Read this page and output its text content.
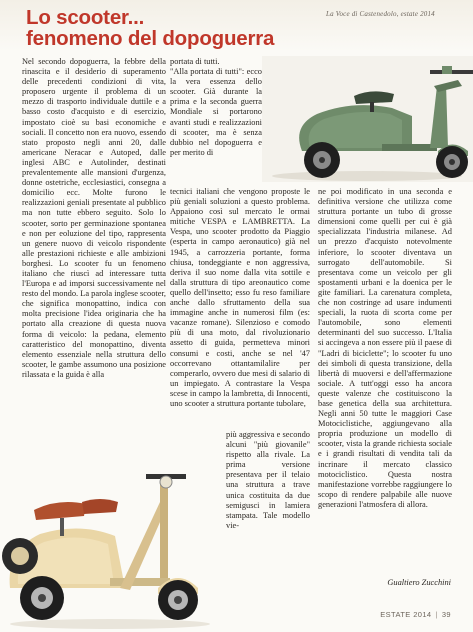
Lo scooter...
fenomeno del dopoguerra
La Voce di Castenedolo, estate 2014

Nel secondo dopoguerra, la febbre della rinascita e il desiderio di superamento delle precedenti condizioni di vita, proposero urgente il problema di un mezzo di trasporto individuale duttile e a basso costo d'acquisto e di esercizio, impostato cioè su basi economiche e sociali. Il concetto non era nuovo, essendo stato proposto negli anni 20, dalle americane Neracar e Autoped, dalle inglesi ABC e Autolinder, destinati prevalentemente alle mansioni d'urgenza, donne ostetriche, ecclesiastici, consegna a domicilio ecc. Molte furono le realizzazioni geniali presentate al pubblico ma non tutte ebbero seguito. Solo lo scooter, sorto per germinazione spontanea e non per eoluzione del tipo, rappresenta un genere nuovo di veicolo rispondente alle prestazioni richieste e alle ambizioni borghesi. Lo scooter fu un fenomeno italiano che riuscì ad interessare tutta l'Europa e ad imporsi successivamente nel resto del mondo. La parola inglese scooter, che significa monopattino, indica con molta precisione l'idea originaria che ha portato alla creazione di questa nuova forma di veicolo: la pedana, elemento caratteristico del monopattino, diventa elemento essenziale nella struttura dello scooter, le gambe assumono una posizione rilassata e la guida è alla

portata di tutti.

"Alla portata di tutti": ecco la vera essenza dello scooter. Già durante la prima e la seconda guerra Mondiale si portarono avanti studi e realizzazioni di scooter, ma è senza dubbio nel dopoguerra e per merito di

tecnici italiani che vengono proposte le più geniali soluzioni a questo problema. Appaiono così sul mercato le ormai mitiche VESPA e LAMBRETTA. La Vespa, uno scooter prodotto da Piaggio (esperta in campo aeronautico) già nel 1945, a carrozzeria portante, forma chiusa, tondeggiante e non aggressiva, deriva il suo nome dalla vita sottile e dalla struttura di tipo areonautico come quello dell'insetto; esso fu reso familiare anche dallo sfruttamento della sua immagine anche in numerosi film (es: vacanze romane). Silenzioso e comodo più di una moto, dal rivoluzionario assetto di guida, permetteva minori consumi e costi, anche se nel '47 occorrevano ottantamilalire per comperarlo, ovvero due mesi di salario di un impiegato. A contrastare la Vespa scese in campo la lambretta, di Innocenti, uno scooter a struttura portante tubolare,

più aggressiva e secondo alcuni "più giovanile" rispetto alla rivale. La prima versione presentava per il telaio una struttura a trave unica costituita da due semigusci in lamiera stampata. Tale modello vie-

ne poi modificato in una seconda e definitiva versione che utilizza come struttura portante un tubo di grosse dimensioni come quelli per cui è già specializzata l'industria milanese. Ad un prezzo d'acquisto notevolmente inferiore, lo scooter diventava un surrogato dell'automobile. Si presentava come un veicolo per gli spostamenti urbani e la doenica per le gite familiari. La carenatura completa, che non costringe ad usare indumenti speciali, la ruota di scorta come per l'automobile, sono elementi determinanti del suo successo. L'Italia si accingeva a non essere più il paese di "Ladri di biciclette"; lo scooter fu uno dei simboli di questa transizione, della libertà di muoversi e dell'affermazione sociale. A tutt'oggi esso ha ancora queste valenze che costituiscono la base genetica della sua architettura. Negli anni 50 tutte le maggiori Case Motociclistiche, aggiungevano alla propria produzione un modello di scooter, vista la grande richiesta sociale e i grandi risultati di vendita tali da incrinare il mercato classico motociclistico. Questa nostra manifestazione vorrebbe raggiungere lo scopo di rendere palpabile alle nuove generazioni l'atmosfera di allora.

Gualtiero Zucchini
ESTATE 2014 | 39
